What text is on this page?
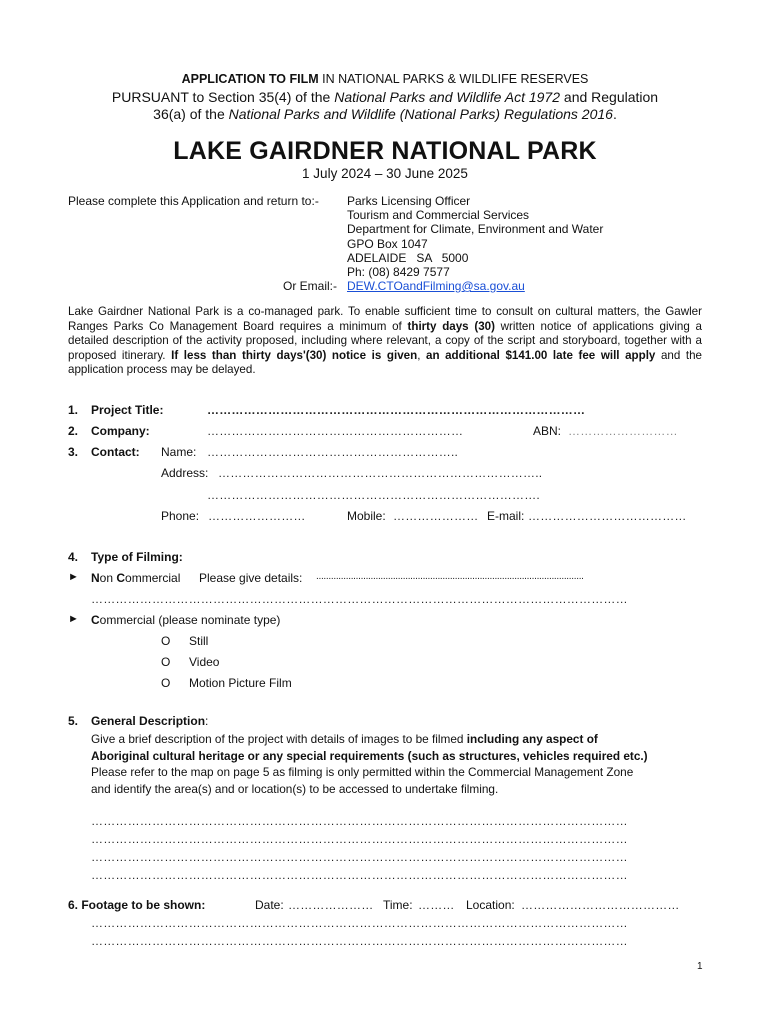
APPLICATION TO FILM IN NATIONAL PARKS & WILDLIFE RESERVES
PURSUANT to Section 35(4) of the National Parks and Wildlife Act 1972 and Regulation
36(a) of the National Parks and Wildlife (National Parks) Regulations 2016.
LAKE GAIRDNER NATIONAL PARK
1 July 2024 – 30 June 2025
Please complete this Application and return to:- Parks Licensing Officer
Tourism and Commercial Services
Department for Climate, Environment and Water
GPO Box 1047
ADELAIDE   SA   5000
Ph: (08) 8429 7577
Or Email:- DEW.CTOandFilming@sa.gov.au
Lake Gairdner National Park is a co-managed park. To enable sufficient time to consult on cultural matters, the Gawler Ranges Parks Co Management Board requires a minimum of thirty days (30) written notice of applications giving a detailed description of the activity proposed, including where relevant, a copy of the script and storyboard, together with a proposed itinerary. If less than thirty days'(30) notice is given, an additional $141.00 late fee will apply and the application process may be delayed.
1. Project Title:	…………………………………………………………………………………
2. Company:	………………………………………………………	ABN: ………………………
3. Contact: Name: ……………………………………………………..
Address: ……………………………………………………………………..
……………………………………………………………………….
Phone: ……………………	Mobile: ………………… E-mail: …………………………………
4. Type of Filming:
► Non Commercial Please give details: ............................................................................................................
……………………………………………………………………………………………………………………
► Commercial (please nominate type)
O Still
O Video
O Motion Picture Film
5. General Description:
Give a brief description of the project with details of images to be filmed including any aspect of
Aboriginal cultural heritage or any special requirements (such as structures, vehicles required etc.)
Please refer to the map on page 5 as filming is only permitted within the Commercial Management Zone
and identify the area(s) and or location(s) to be accessed to undertake filming.
……………………………………………………………………………………………………………………
……………………………………………………………………………………………………………………
……………………………………………………………………………………………………………………
……………………………………………………………………………………………………………………
6. Footage to be shown:	Date: ………………… Time: ……… Location: …………………………………
……………………………………………………………………………………………………………………
……………………………………………………………………………………………………………………
1
